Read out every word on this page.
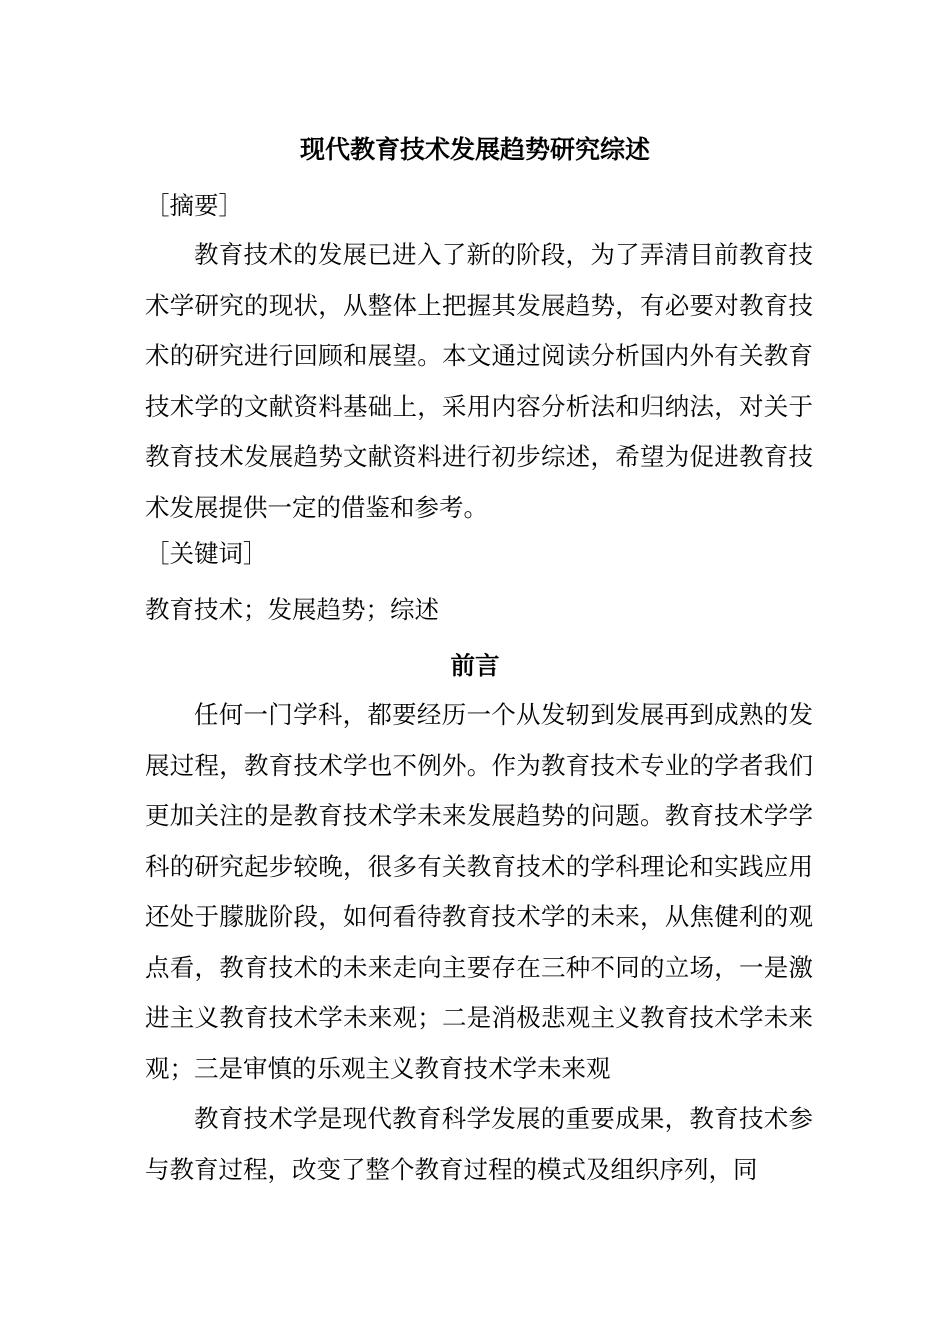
现代教育技术发展趋势研究综述
［摘要］

教育技术的发展已进入了新的阶段，为了弄清目前教育技术学研究的现状，从整体上把握其发展趋势，有必要对教育技术的研究进行回顾和展望。本文通过阅读分析国内外有关教育技术学的文献资料基础上，采用内容分析法和归纳法，对关于教育技术发展趋势文献资料进行初步综述，希望为促进教育技术发展提供一定的借鉴和参考。

［关键词］
教育技术；发展趋势；综述
前言

任何一门学科，都要经历一个从发轫到发展再到成熟的发展过程，教育技术学也不例外。作为教育技术专业的学者我们更加关注的是教育技术学未来发展趋势的问题。教育技术学学科的研究起步较晚，很多有关教育技术的学科理论和实践应用还处于朦胧阶段，如何看待教育技术学的未来，从焦健利的观点看，教育技术的未来走向主要存在三种不同的立场，一是激进主义教育技术学未来观；二是消极悲观主义教育技术学未来观；三是审慎的乐观主义教育技术学未来观

教育技术学是现代教育科学发展的重要成果，教育技术参与教育过程，改变了整个教育过程的模式及组织序列，同
